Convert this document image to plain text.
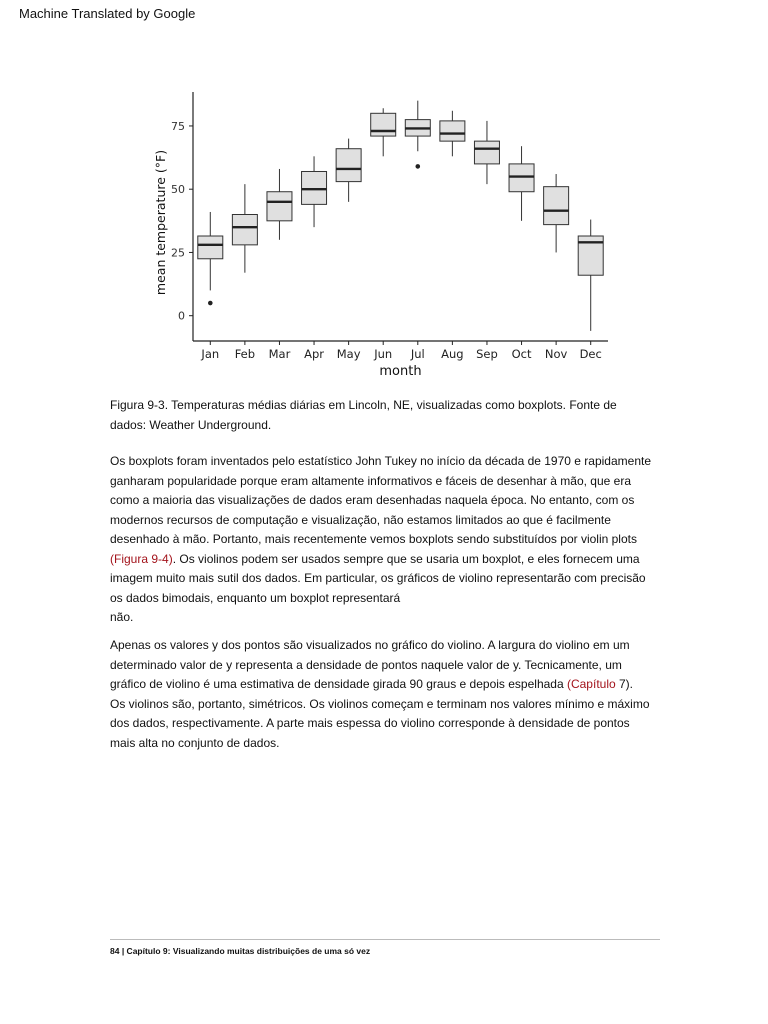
Machine Translated by Google
0
25
50
75
Jan Feb Mar Apr May Jun Jul Aug Sep Oct Nov Dec
month
mean temperature (°F)
Figura 9-3. Temperaturas médias diárias em Lincoln, NE, visualizadas como boxplots. Fonte de
dados: Weather Underground.
Os boxplots foram inventados pelo estatístico John Tukey no início da década de 1970 e rapidamente
ganharam popularidade porque eram altamente informativos e fáceis de desenhar à mão, que era
como a maioria das visualizações de dados eram desenhadas naquela época. No entanto, com os
modernos recursos de computação e visualização, não estamos limitados ao que é facilmente
desenhado à mão. Portanto, mais recentemente vemos boxplots sendo substituídos por violin plots
(Figura 9-4). Os violinos podem ser usados sempre que se usaria um boxplot, e eles fornecem uma
imagem muito mais sutil dos dados. Em particular, os gráficos de violino representarão com precisão
os dados bimodais, enquanto um boxplot representará
não.
Apenas os valores y dos pontos são visualizados no gráfico do violino. A largura do violino em um
determinado valor de y representa a densidade de pontos naquele valor de y. Tecnicamente, um
gráfico de violino é uma estimativa de densidade girada 90 graus e depois espelhada (Capítulo 7).
Os violinos são, portanto, simétricos. Os violinos começam e terminam nos valores mínimo e máximo
dos dados, respectivamente. A parte mais espessa do violino corresponde à densidade de pontos
mais alta no conjunto de dados.
84 | Capítulo 9: Visualizando muitas distribuições de uma só vez
